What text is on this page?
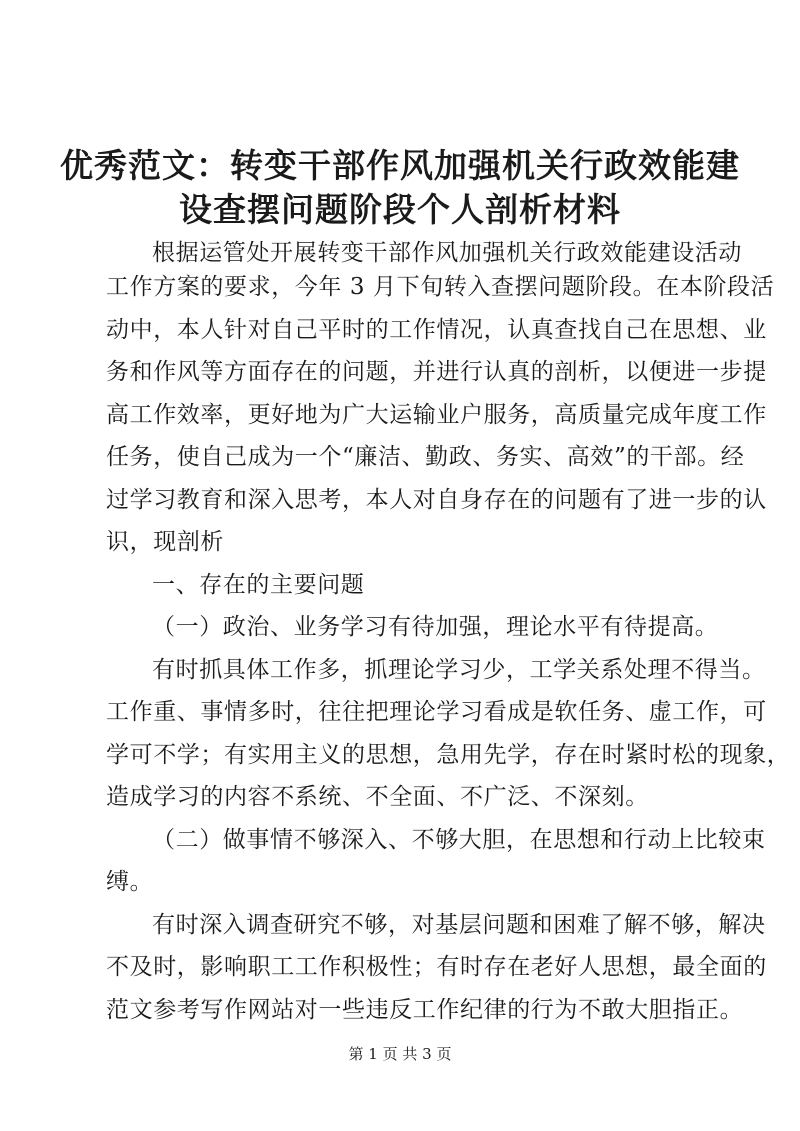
优秀范文：转变干部作风加强机关行政效能建
设查摆问题阶段个人剖析材料
根据运管处开展转变干部作风加强机关行政效能建设活动
工作方案的要求，今年 3 月下旬转入查摆问题阶段。在本阶段活
动中，本人针对自己平时的工作情况，认真查找自己在思想、业
务和作风等方面存在的问题，并进行认真的剖析，以便进一步提
高工作效率，更好地为广大运输业户服务，高质量完成年度工作
任务，使自己成为一个“廉洁、勤政、务实、高效”的干部。经
过学习教育和深入思考，本人对自身存在的问题有了进一步的认
识，现剖析
一、存在的主要问题
（一）政治、业务学习有待加强，理论水平有待提高。
有时抓具体工作多，抓理论学习少，工学关系处理不得当。
工作重、事情多时，往往把理论学习看成是软任务、虚工作，可
学可不学；有实用主义的思想，急用先学，存在时紧时松的现象，
造成学习的内容不系统、不全面、不广泛、不深刻。
（二）做事情不够深入、不够大胆，在思想和行动上比较束
缚。
有时深入调查研究不够，对基层问题和困难了解不够，解决
不及时，影响职工工作积极性；有时存在老好人思想，最全面的
范文参考写作网站对一些违反工作纪律的行为不敢大胆指正。
第 1 页 共 3 页
